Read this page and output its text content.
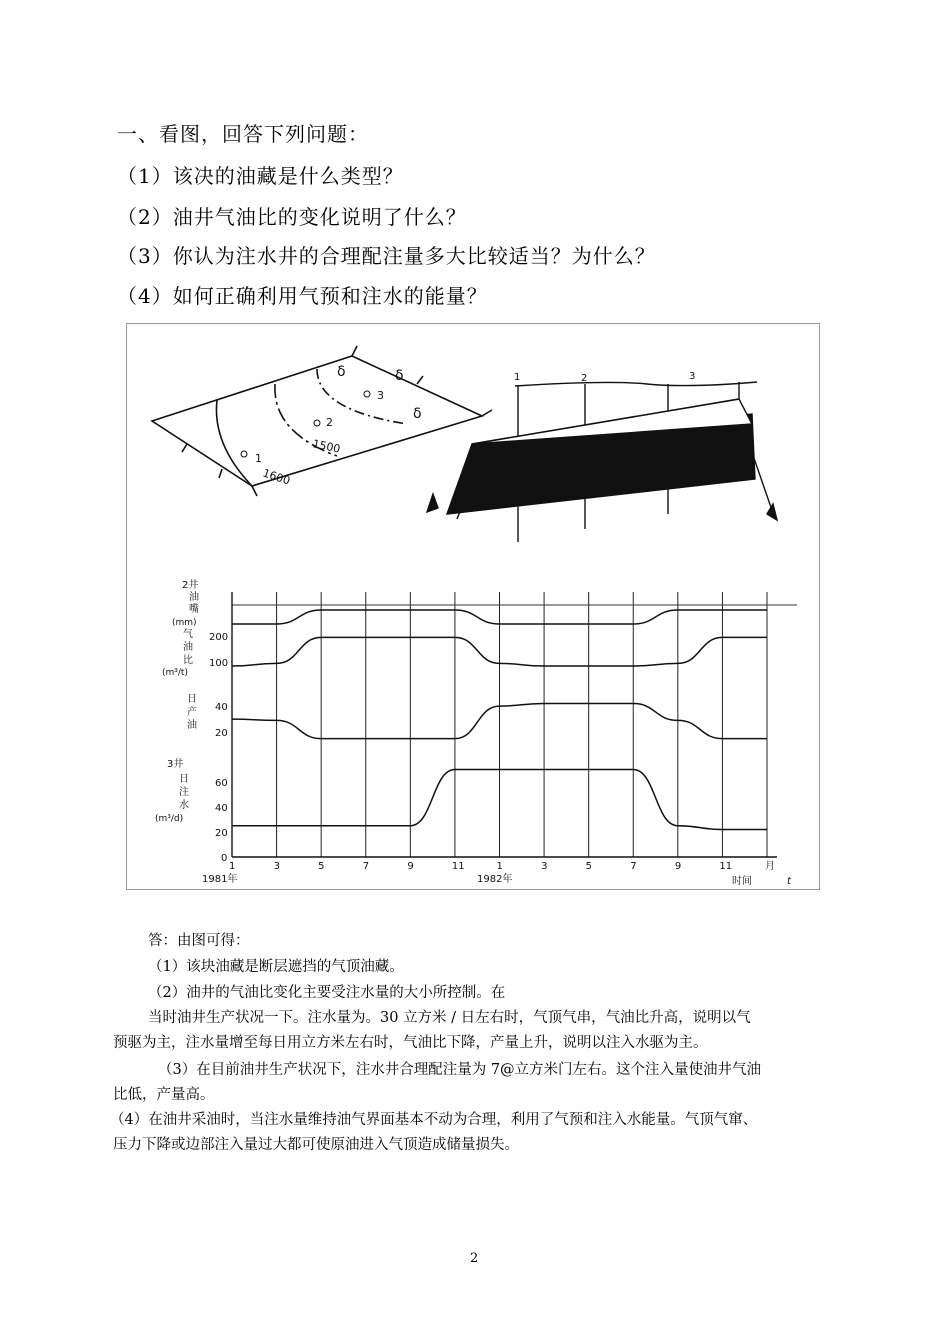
一、看图，回答下列问题：
（1）该决的油藏是什么类型？
（2）油井气油比的变化说明了什么？
（3）你认为注水井的合理配注量多大比较适当？为什么？
（4）如何正确利用气预和注水的能量？
1500
1600
1
2
3
δ	δ
δ
1	2	3
δ δ
2井
油
嘴
(mm)
气
油
比
(m³/t)
日
产
油
3井
日
注
水
(m³/d)
200
100
40
20
60
40
20
0
1	3	5	7	9	11	1	3	5	7	9	11	月
1981年	1982年	时间	t
答：由图可得：
（1）该块油藏是断层遮挡的气顶油藏。
（2）油井的气油比变化主要受注水量的大小所控制。在
当时油井生产状况一下。注水量为。30 立方米 / 日左右时，气顶气串，气油比升高，说明以气
预驱为主，注水量增至每日用立方米左右时，气油比下降，产量上升，说明以注入水驱为主。
（3）在目前油井生产状况下，注水井合理配注量为 7@立方米门左右。这个注入量使油井气油
比低，产量高。
（4）在油井采油时，当注水量维持油气界面基本不动为合理，利用了气预和注入水能量。气顶气窜、
压力下降或边部注入量过大都可使原油进入气顶造成储量损失。
2
